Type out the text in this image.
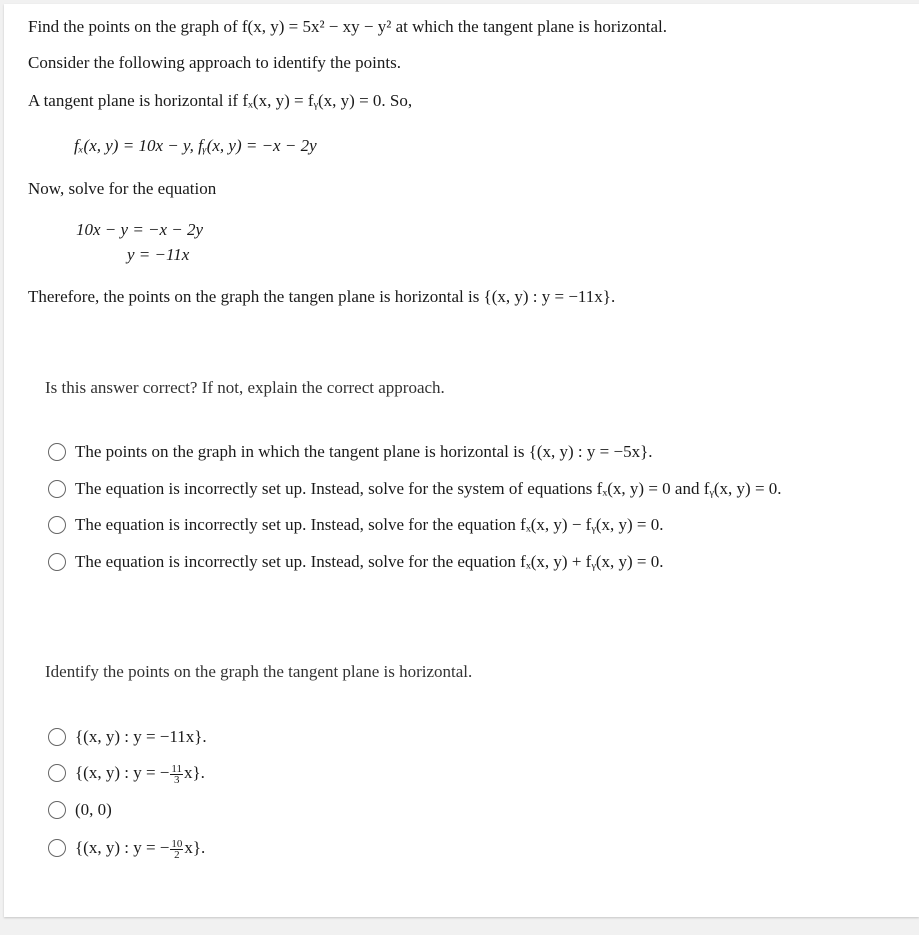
Find the points on the graph of f(x, y) = 5x² − xy − y² at which the tangent plane is horizontal.
Consider the following approach to identify the points.
A tangent plane is horizontal if fₓ(x, y) = fᵧ(x, y) = 0. So,
fₓ(x, y) = 10x − y, fᵧ(x, y) = −x − 2y
Now, solve for the equation
10x − y = −x − 2y
y = −11x
Therefore, the points on the graph the tangen plane is horizontal is {(x, y) : y = −11x}.
Is this answer correct? If not, explain the correct approach.
The points on the graph in which the tangent plane is horizontal is {(x, y) : y = −5x}.
The equation is incorrectly set up. Instead, solve for the system of equations fₓ(x, y) = 0 and fᵧ(x, y) = 0.
The equation is incorrectly set up. Instead, solve for the equation fₓ(x, y) − fᵧ(x, y) = 0.
The equation is incorrectly set up. Instead, solve for the equation fₓ(x, y) + fᵧ(x, y) = 0.
Identify the points on the graph the tangent plane is horizontal.
{(x, y) : y = −11x}.
{(x, y) : y = − $\frac{11}{3} x$}.
(0, 0)
{(x, y) : y = − $\frac{10}{2} x$}.
